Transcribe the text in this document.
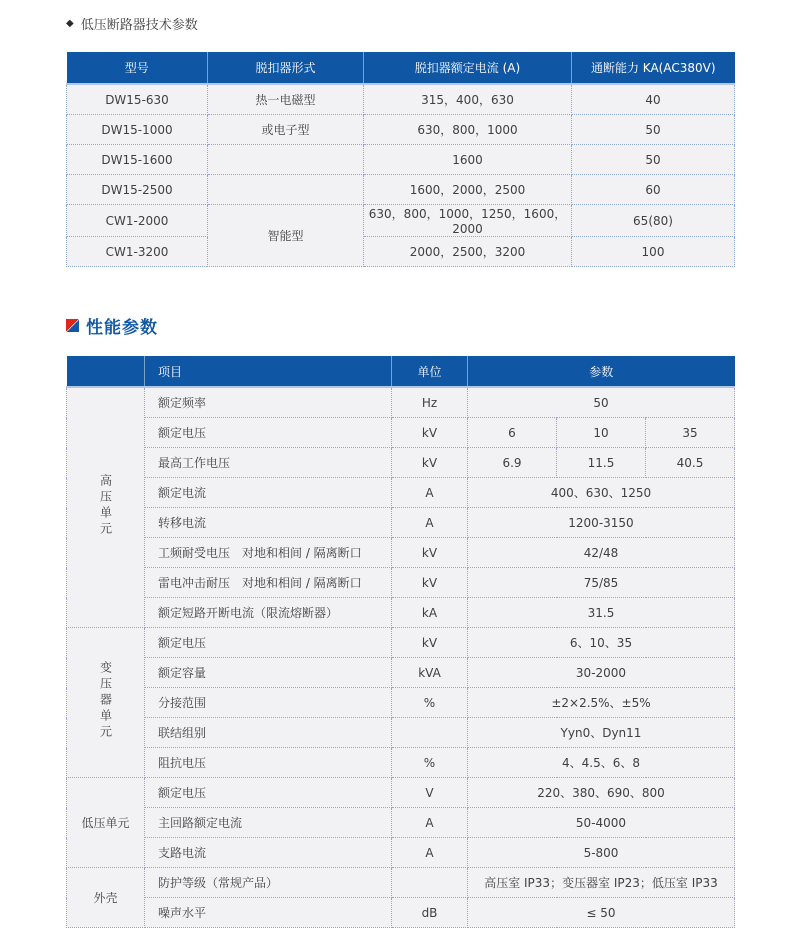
◆ 低压断路器技术参数
型号	脱扣器形式	脱扣器额定电流 (A)	通断能力 KA(AC380V)
DW15-630	热一电磁型	315，400，630	40
DW15-1000	或电子型	630，800，1000	50
DW15-1600		1600	50
DW15-2500		1600，2000，2500	60
CW1-2000	智能型	630，800，1000，1250，1600，2000	65(80)
CW1-3200		2000，2500，3200	100
性能参数
	项目	单位	参数		
高压单元	额定频率	Hz	50		
	额定电压	kV	6	10	35
	最高工作电压	kV	6.9	11.5	40.5
	额定电流	A	400、630、1250		
	转移电流	A	1200-3150		
	工频耐受电压　对地和相间 / 隔离断口	kV	42/48		
	雷电冲击耐压　对地和相间 / 隔离断口	kV	75/85		
	额定短路开断电流（限流熔断器）	kA	31.5		
变压器单元	额定电压	kV	6、10、35		
	额定容量	kVA	30-2000		
	分接范围	%	±2×2.5%、±5%		
	联结组别		Yyn0、Dyn11		
	阻抗电压	%	4、4.5、6、8		
低压单元	额定电压	V	220、380、690、800		
	主回路额定电流	A	50-4000		
	支路电流	A	5-800		
外壳	防护等级（常规产品）		高压室 IP33；变压器室 IP23；低压室 IP33		
	噪声水平	dB	≤ 50		
